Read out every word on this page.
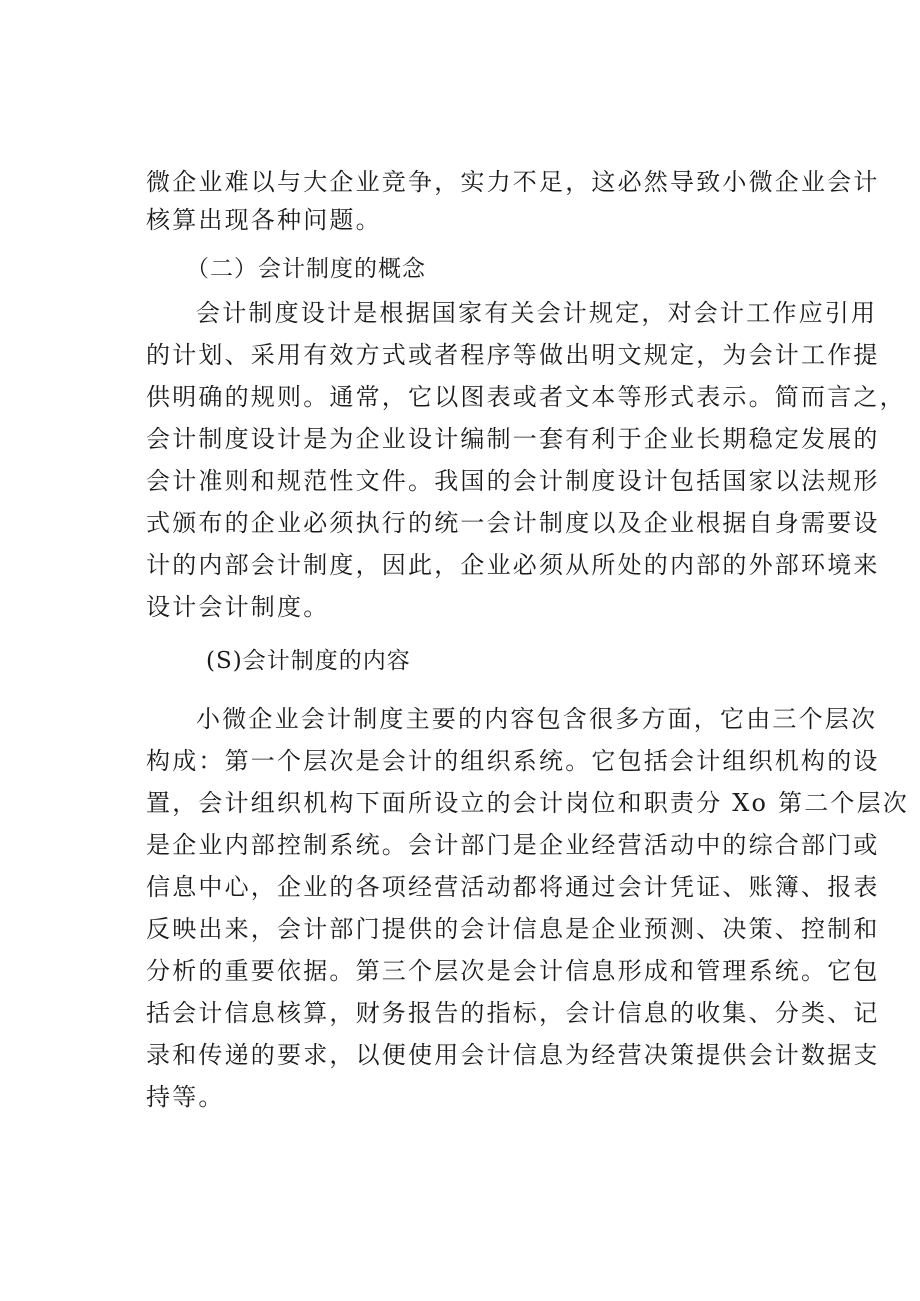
微企业难以与大企业竞争，实力不足，这必然导致小微企业会计
核算出现各种问题。
（二）会计制度的概念
会计制度设计是根据国家有关会计规定，对会计工作应引用
的计划、采用有效方式或者程序等做出明文规定，为会计工作提
供明确的规则。通常，它以图表或者文本等形式表示。简而言之，
会计制度设计是为企业设计编制一套有利于企业长期稳定发展的
会计准则和规范性文件。我国的会计制度设计包括国家以法规形
式颁布的企业必须执行的统一会计制度以及企业根据自身需要设
计的内部会计制度，因此，企业必须从所处的内部的外部环境来
设计会计制度。
(S)会计制度的内容
小微企业会计制度主要的内容包含很多方面，它由三个层次
构成：第一个层次是会计的组织系统。它包括会计组织机构的设
置，会计组织机构下面所设立的会计岗位和职责分 Xo 第二个层次
是企业内部控制系统。会计部门是企业经营活动中的综合部门或
信息中心，企业的各项经营活动都将通过会计凭证、账簿、报表
反映出来，会计部门提供的会计信息是企业预测、决策、控制和
分析的重要依据。第三个层次是会计信息形成和管理系统。它包
括会计信息核算，财务报告的指标，会计信息的收集、分类、记
录和传递的要求，以便使用会计信息为经营决策提供会计数据支
持等。
